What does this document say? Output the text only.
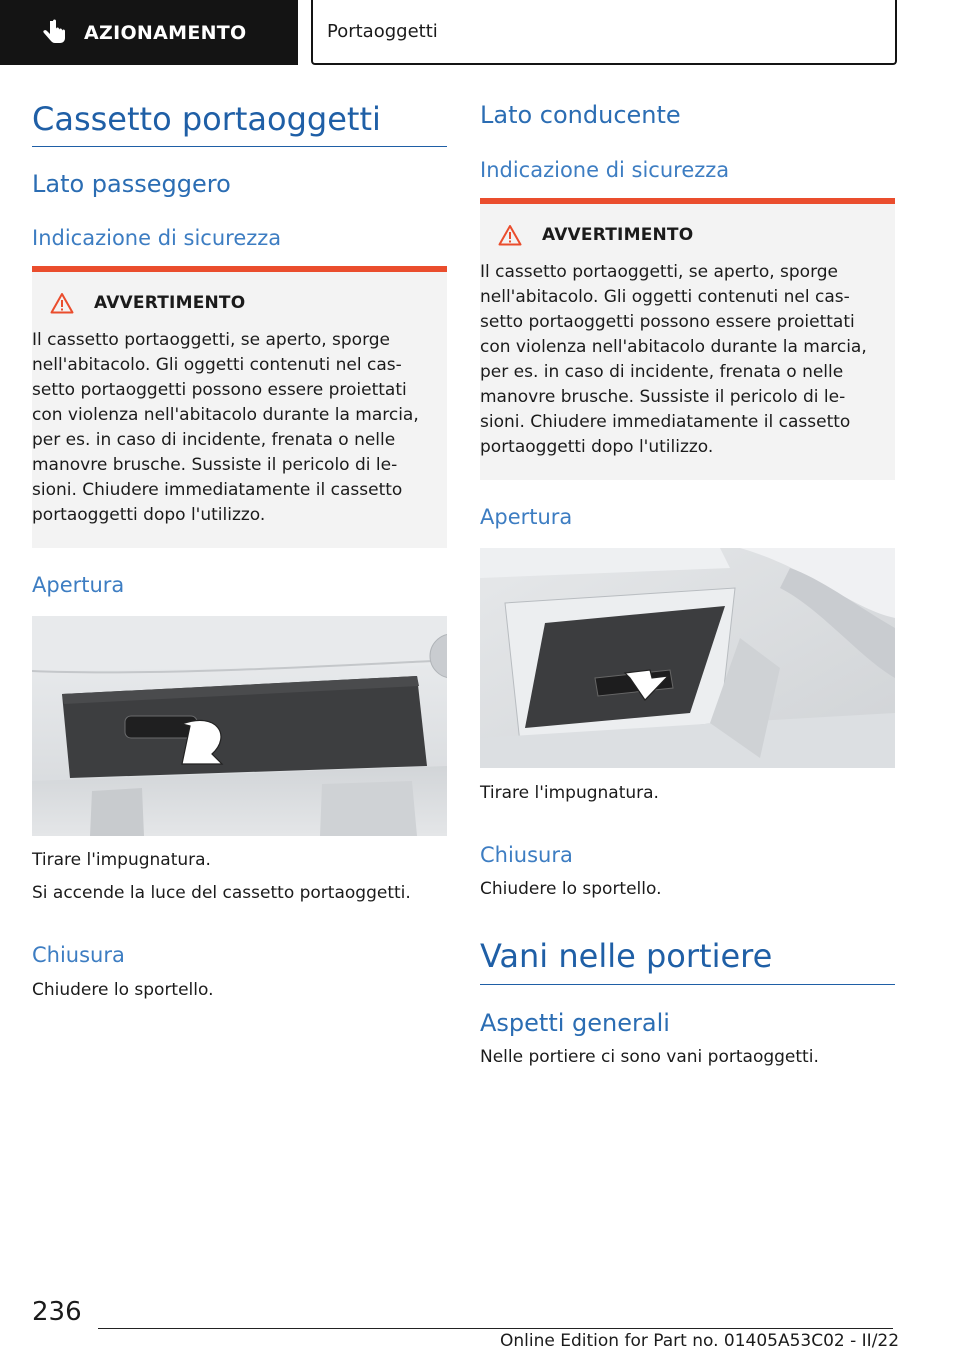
AZIONAMENTO	Portaoggetti
Cassetto portaoggetti
Lato passeggero
Indicazione di sicurezza
AVVERTIMENTO
Il cassetto portaoggetti, se aperto, sporge
nell'abitacolo. Gli oggetti contenuti nel cas-
setto portaoggetti possono essere proiettati
con violenza nell'abitacolo durante la marcia,
per es. in caso di incidente, frenata o nelle
manovre brusche. Sussiste il pericolo di le-
sioni. Chiudere immediatamente il cassetto
portaoggetti dopo l'utilizzo.
Apertura
Tirare l'impugnatura.
Si accende la luce del cassetto portaoggetti.
Chiusura
Chiudere lo sportello.
Lato conducente
Indicazione di sicurezza
AVVERTIMENTO
Il cassetto portaoggetti, se aperto, sporge
nell'abitacolo. Gli oggetti contenuti nel cas-
setto portaoggetti possono essere proiettati
con violenza nell'abitacolo durante la marcia,
per es. in caso di incidente, frenata o nelle
manovre brusche. Sussiste il pericolo di le-
sioni. Chiudere immediatamente il cassetto
portaoggetti dopo l'utilizzo.
Apertura
Tirare l'impugnatura.
Chiusura
Chiudere lo sportello.
Vani nelle portiere
Aspetti generali
Nelle portiere ci sono vani portaoggetti.
236
Online Edition for Part no. 01405A53C02 - II/22
